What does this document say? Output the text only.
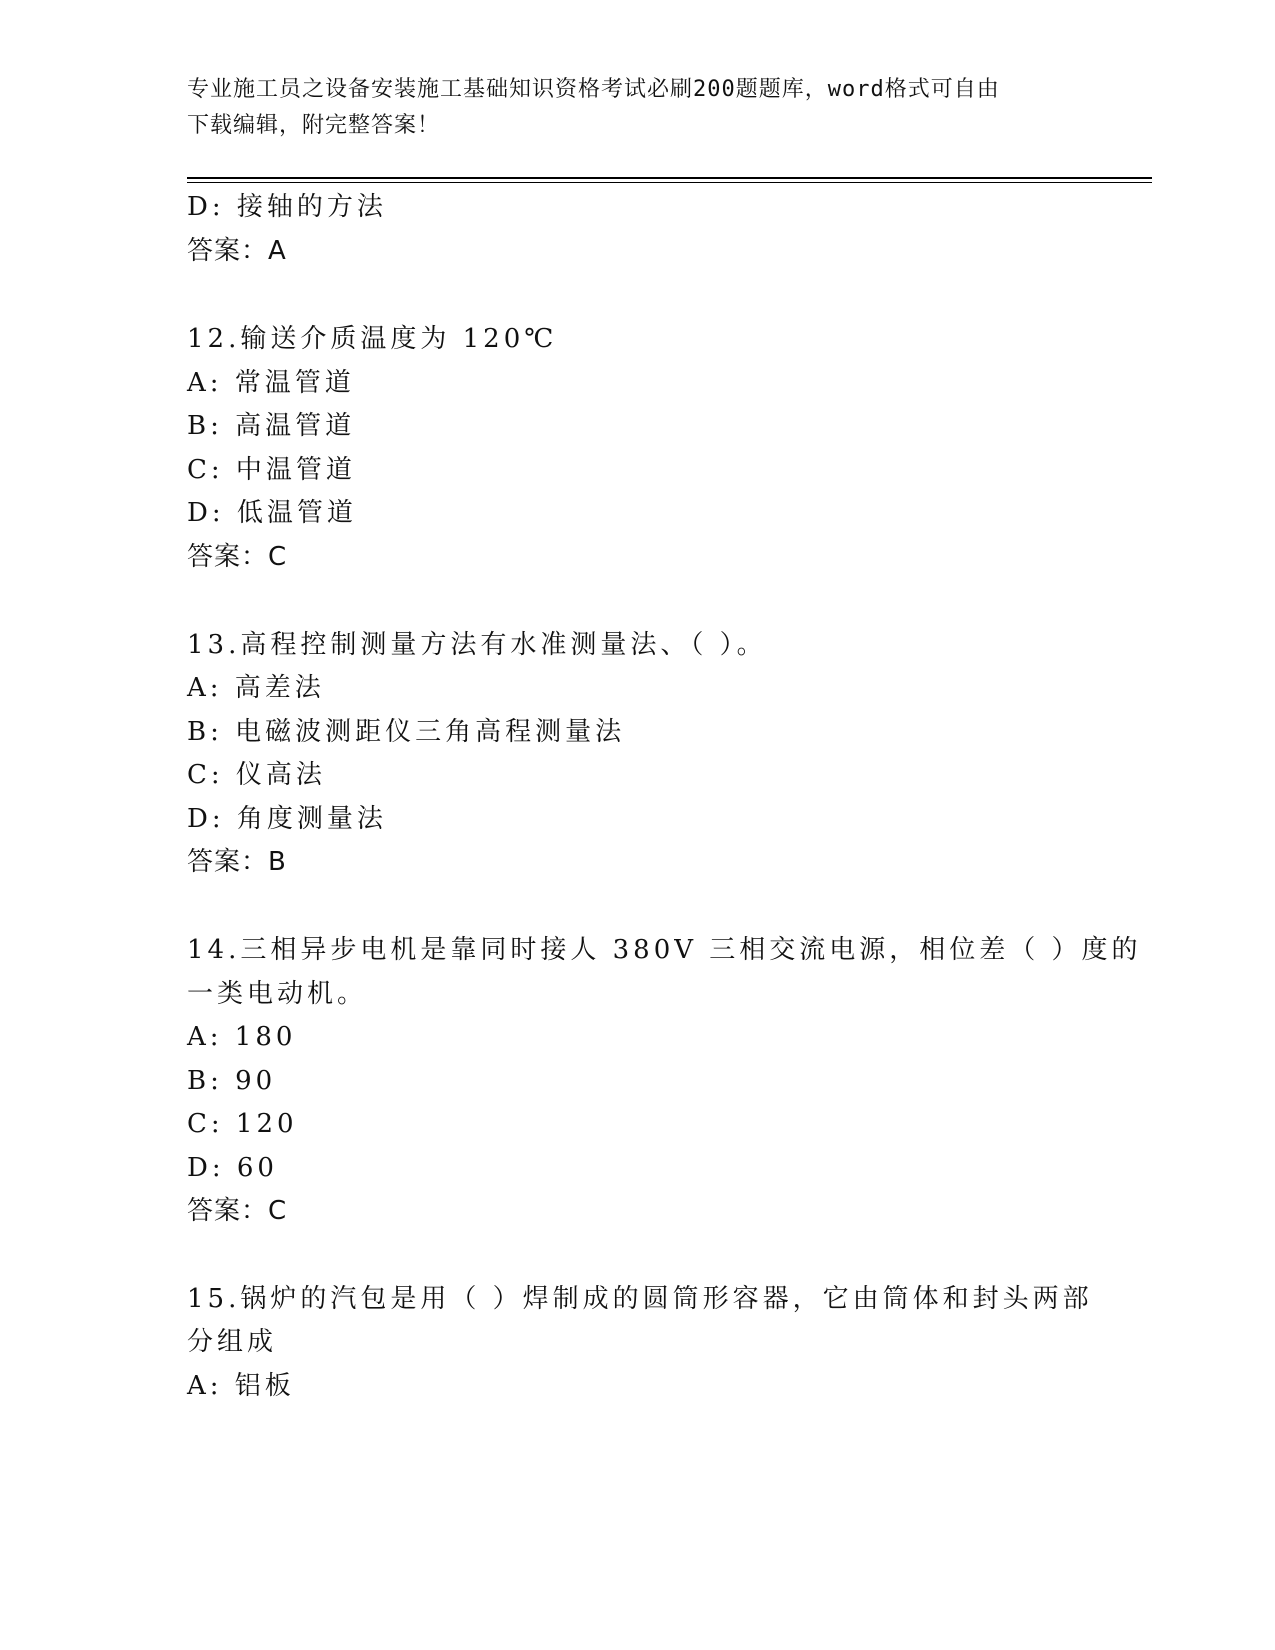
专业施工员之设备安装施工基础知识资格考试必刷200题题库，word格式可自由
下载编辑，附完整答案！
D: 接轴的方法
答案：A
12.输送介质温度为 120℃
A: 常温管道
B: 高温管道
C: 中温管道
D: 低温管道
答案：C
13.高程控制测量方法有水准测量法、（ ）。
A: 高差法
B: 电磁波测距仪三角高程测量法
C: 仪高法
D: 角度测量法
答案：B
14.三相异步电机是靠同时接人 380V 三相交流电源，相位差（ ）度的
一类电动机。
A: 180
B: 90
C: 120
D: 60
答案：C
15.锅炉的汽包是用（ ）焊制成的圆筒形容器，它由筒体和封头两部
分组成
A: 铝板
